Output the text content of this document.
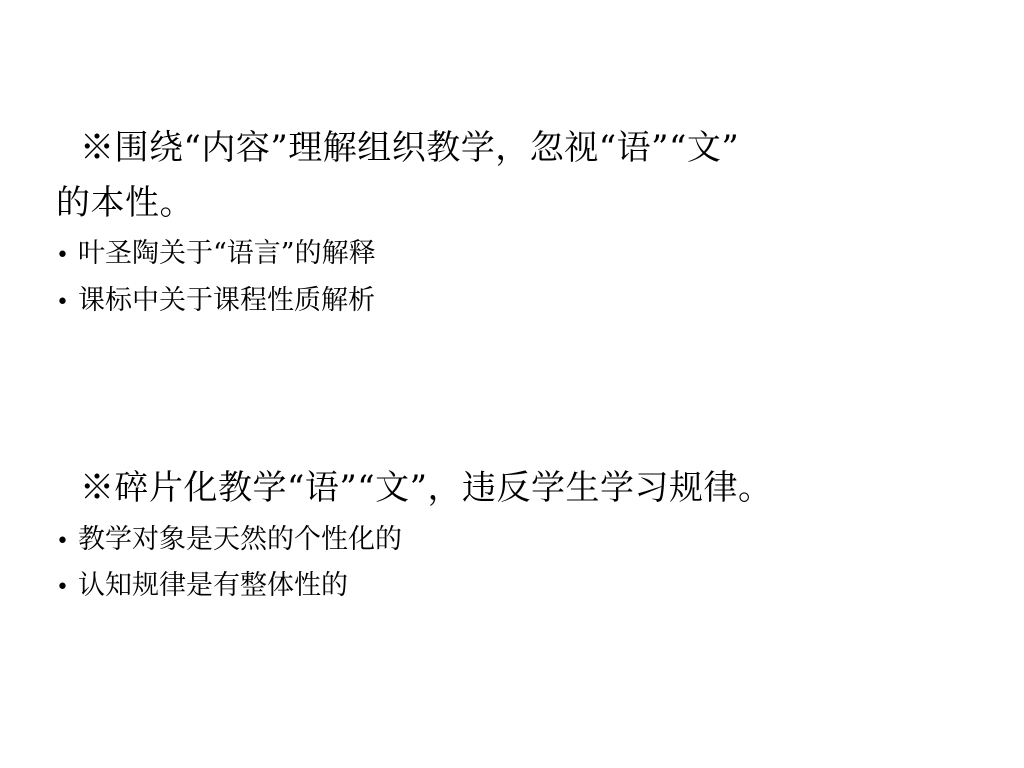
※围绕“内容”理解组织教学，忽视“语”“文”

的本性。

• 叶圣陶关于“语言”的解释
• 课标中关于课程性质解析

※碎片化教学“语”“文”，违反学生学习规律。

• 教学对象是天然的个性化的
• 认知规律是有整体性的
